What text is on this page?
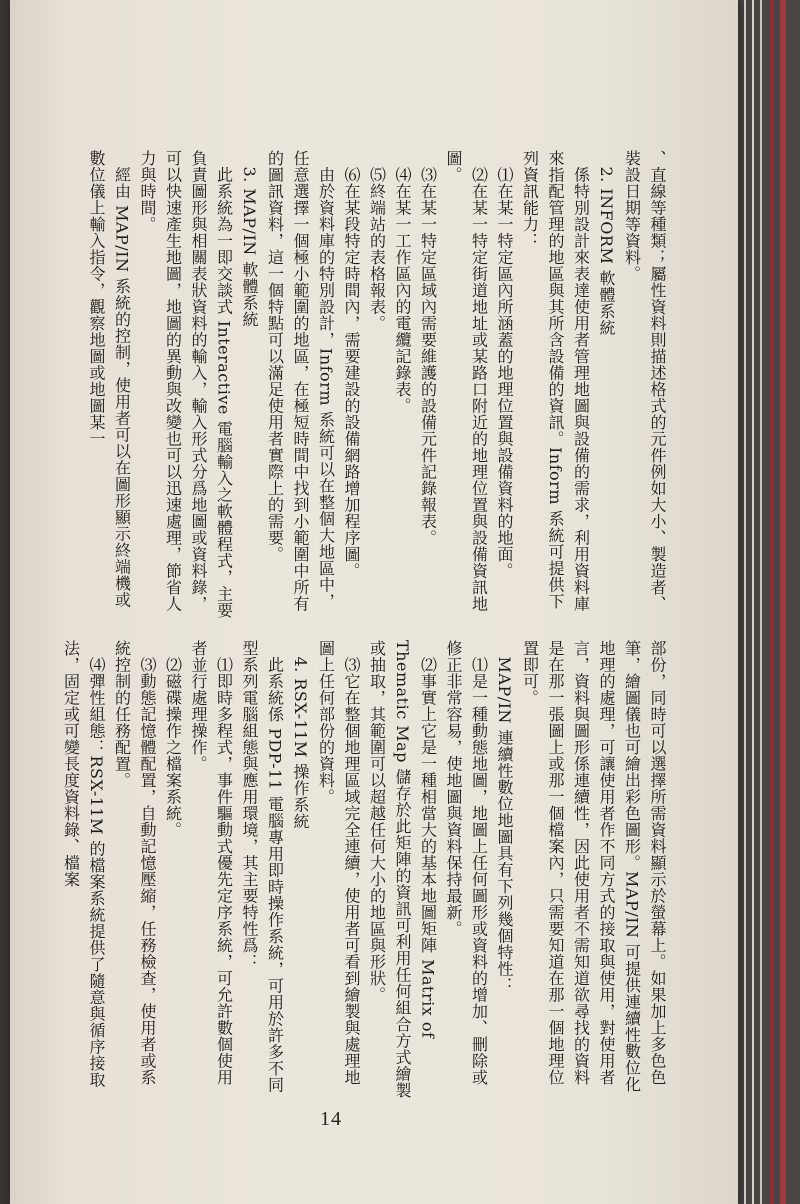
、直線等種類；屬性資料則描述格式的元件例如大小、製造者、裝設日期等資料。
　2. INFORM 軟體系統
　係特別設計來表達使用者管理地圖與設備的需求，利用資料庫來指配管理的地區與其所含設備的資訊。Inform 系統可提供下列資訊能力：
　⑴在某一特定區內所涵蓋的地理位置與設備資料的地面。
　⑵在某一特定街道地址或某路口附近的地理位置與設備資訊地圖。
　⑶在某一特定區域內需要維護的設備元件記錄報表。
　⑷在某一工作區內的電纜記錄表。
　⑸終端站的表格報表。
　⑹在某段特定時間內，需要建設的設備網路增加程序圖。
　由於資料庫的特別設計，Inform 系統可以在整個大地區中，任意選擇一個極小範圍的地區，在極短時間中找到小範圍中所有的圖訊資料，這一個特點可以滿足使用者實際上的需要。
　3. MAP/IN 軟體系統
　此系統為一即交談式 Interactive 電腦輸入之軟體程式，主要負責圖形與相關表狀資料的輸入，輸入形式分爲地圖或資料錄，可以快速產生地圖，地圖的異動與改變也可以迅速處理，節省人力與時間。
　經由 MAP/IN 系統的控制，使用者可以在圖形顯示終端機或數位儀上輸入指令，觀察地圖或地圖某一
部份，同時可以選擇所需資料顯示於螢幕上。如果加上多色色筆，繪圖儀也可繪出彩色圖形。MAP/IN 可提供連續性數位化地理的處理，可讓使用者作不同方式的接取與使用，對使用者言，資料與圖形係連續性，因此使用者不需知道欲尋找的資料是在那一張圖上或那一個檔案內，只需要知道在那一個地理位置即可。
　MAP/IN 連續性數位地圖具有下列幾個特性：
　⑴是一種動態地圖，地圖上任何圖形或資料的增加、刪除或修正非常容易，使地圖與資料保持最新。
　⑵事實上它是一種相當大的基本地圖矩陣 Matrix of Thematic Map 儲存於此矩陣的資訊可利用任何組合方式繪製或抽取，其範圍可以超越任何大小的地區與形狀。
　⑶它在整個地理區域完全連續，使用者可看到繪製與處理地圖上任何部份的資料。
　4. RSX-11M 操作系統
　此系統係 PDP-11 電腦專用即時操作系統，可用於許多不同型系列電腦組態與應用環境，其主要特性爲：
　⑴即時多程式，事件驅動式優先定序系統，可允許數個使用者並行處理操作。
　⑵磁碟操作之檔案系統。
　⑶動態記憶體配置，自動記憶壓縮，任務檢查，使用者或系統控制的任務配置。
　⑷彈性組態：RSX-11M 的檔案系統提供了隨意與循序接取法，固定或可變長度資料錄、檔案
14
